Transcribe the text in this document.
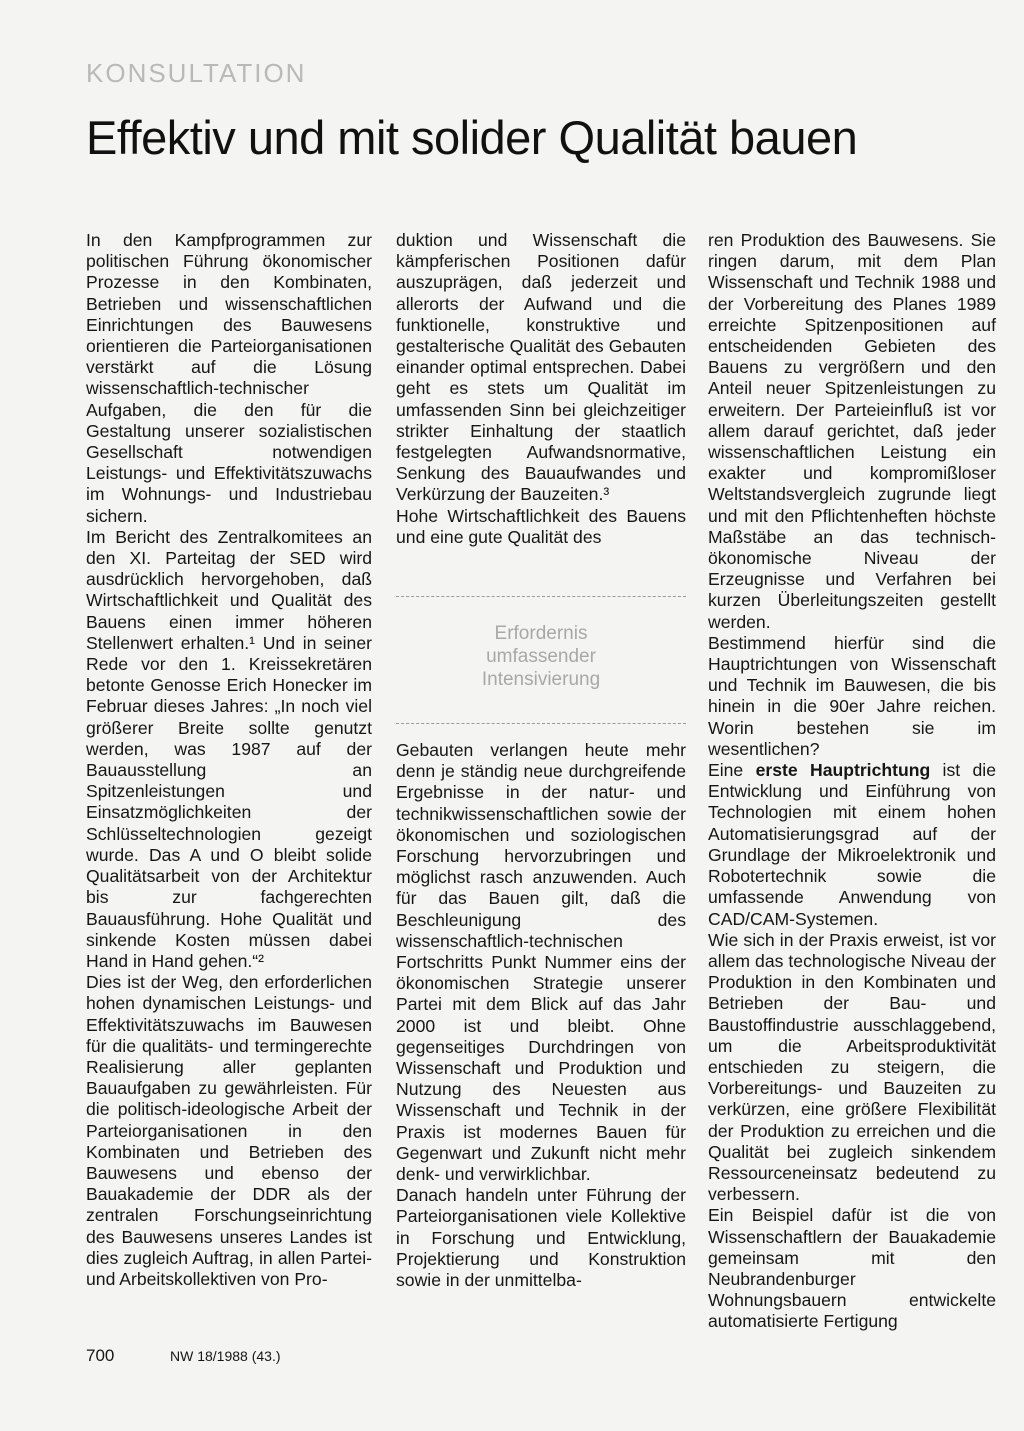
KONSULTATION
Effektiv und mit solider Qualität bauen

In den Kampfprogrammen zur politischen Führung ökonomischer Prozesse in den Kombinaten, Betrieben und wissenschaftlichen Einrichtungen des Bauwesens orientieren die Parteiorganisationen verstärkt auf die Lösung wissenschaftlich-technischer Aufgaben, die den für die Gestaltung unserer sozialistischen Gesellschaft notwendigen Leistungs- und Effektivitätszuwachs im Wohnungs- und Industriebau sichern.

Im Bericht des Zentralkomitees an den XI. Parteitag der SED wird ausdrücklich hervorgehoben, daß Wirtschaftlichkeit und Qualität des Bauens einen immer höheren Stellenwert erhalten.¹ Und in seiner Rede vor den 1. Kreissekretären betonte Genosse Erich Honecker im Februar dieses Jahres: „In noch viel größerer Breite sollte genutzt werden, was 1987 auf der Bauausstellung an Spitzenleistungen und Einsatzmöglichkeiten der Schlüsseltechnologien gezeigt wurde. Das A und O bleibt solide Qualitätsarbeit von der Architektur bis zur fachgerechten Bauausführung. Hohe Qualität und sinkende Kosten müssen dabei Hand in Hand gehen.“²

Dies ist der Weg, den erforderlichen hohen dynamischen Leistungs- und Effektivitätszuwachs im Bauwesen für die qualitäts- und termingerechte Realisierung aller geplanten Bauaufgaben zu gewährleisten. Für die politisch-ideologische Arbeit der Parteiorganisationen in den Kombinaten und Betrieben des Bauwesens und ebenso der Bauakademie der DDR als der zentralen Forschungseinrichtung des Bauwesens unseres Landes ist dies zugleich Auftrag, in allen Partei- und Arbeitskollektiven von Pro-

duktion und Wissenschaft die kämpferischen Positionen dafür auszuprägen, daß jederzeit und allerorts der Aufwand und die funktionelle, konstruktive und gestalterische Qualität des Gebauten einander optimal entsprechen. Dabei geht es stets um Qualität im umfassenden Sinn bei gleichzeitiger strikter Einhaltung der staatlich festgelegten Aufwandsnormative, Senkung des Bauaufwandes und Verkürzung der Bauzeiten.³

Hohe Wirtschaftlichkeit des Bauens und eine gute Qualität des

Erfordernis
umfassender
Intensivierung

Gebauten verlangen heute mehr denn je ständig neue durchgreifende Ergebnisse in der natur- und technikwissenschaftlichen sowie der ökonomischen und soziologischen Forschung hervorzubringen und möglichst rasch anzuwenden. Auch für das Bauen gilt, daß die Beschleunigung des wissenschaftlich-technischen Fortschritts Punkt Nummer eins der ökonomischen Strategie unserer Partei mit dem Blick auf das Jahr 2000 ist und bleibt. Ohne gegenseitiges Durchdringen von Wissenschaft und Produktion und Nutzung des Neuesten aus Wissenschaft und Technik in der Praxis ist modernes Bauen für Gegenwart und Zukunft nicht mehr denk- und verwirklichbar.

Danach handeln unter Führung der Parteiorganisationen viele Kollektive in Forschung und Entwicklung, Projektierung und Konstruktion sowie in der unmittelba-

ren Produktion des Bauwesens. Sie ringen darum, mit dem Plan Wissenschaft und Technik 1988 und der Vorbereitung des Planes 1989 erreichte Spitzenpositionen auf entscheidenden Gebieten des Bauens zu vergrößern und den Anteil neuer Spitzenleistungen zu erweitern. Der Parteieinfluß ist vor allem darauf gerichtet, daß jeder wissenschaftlichen Leistung ein exakter und kompromißloser Weltstandsvergleich zugrunde liegt und mit den Pflichtenheften höchste Maßstäbe an das technisch-ökonomische Niveau der Erzeugnisse und Verfahren bei kurzen Überleitungszeiten gestellt werden.

Bestimmend hierfür sind die Hauptrichtungen von Wissenschaft und Technik im Bauwesen, die bis hinein in die 90er Jahre reichen. Worin bestehen sie im wesentlichen?

Eine erste Hauptrichtung ist die Entwicklung und Einführung von Technologien mit einem hohen Automatisierungsgrad auf der Grundlage der Mikroelektronik und Robotertechnik sowie die umfassende Anwendung von CAD/CAM-Systemen.

Wie sich in der Praxis erweist, ist vor allem das technologische Niveau der Produktion in den Kombinaten und Betrieben der Bau- und Baustoffindustrie ausschlaggebend, um die Arbeitsproduktivität entschieden zu steigern, die Vorbereitungs- und Bauzeiten zu verkürzen, eine größere Flexibilität der Produktion zu erreichen und die Qualität bei zugleich sinkendem Ressourceneinsatz bedeutend zu verbessern.

Ein Beispiel dafür ist die von Wissenschaftlern der Bauakademie gemeinsam mit den Neubrandenburger Wohnungsbauern entwickelte automatisierte Fertigung

700	NW 18/1988 (43.)
